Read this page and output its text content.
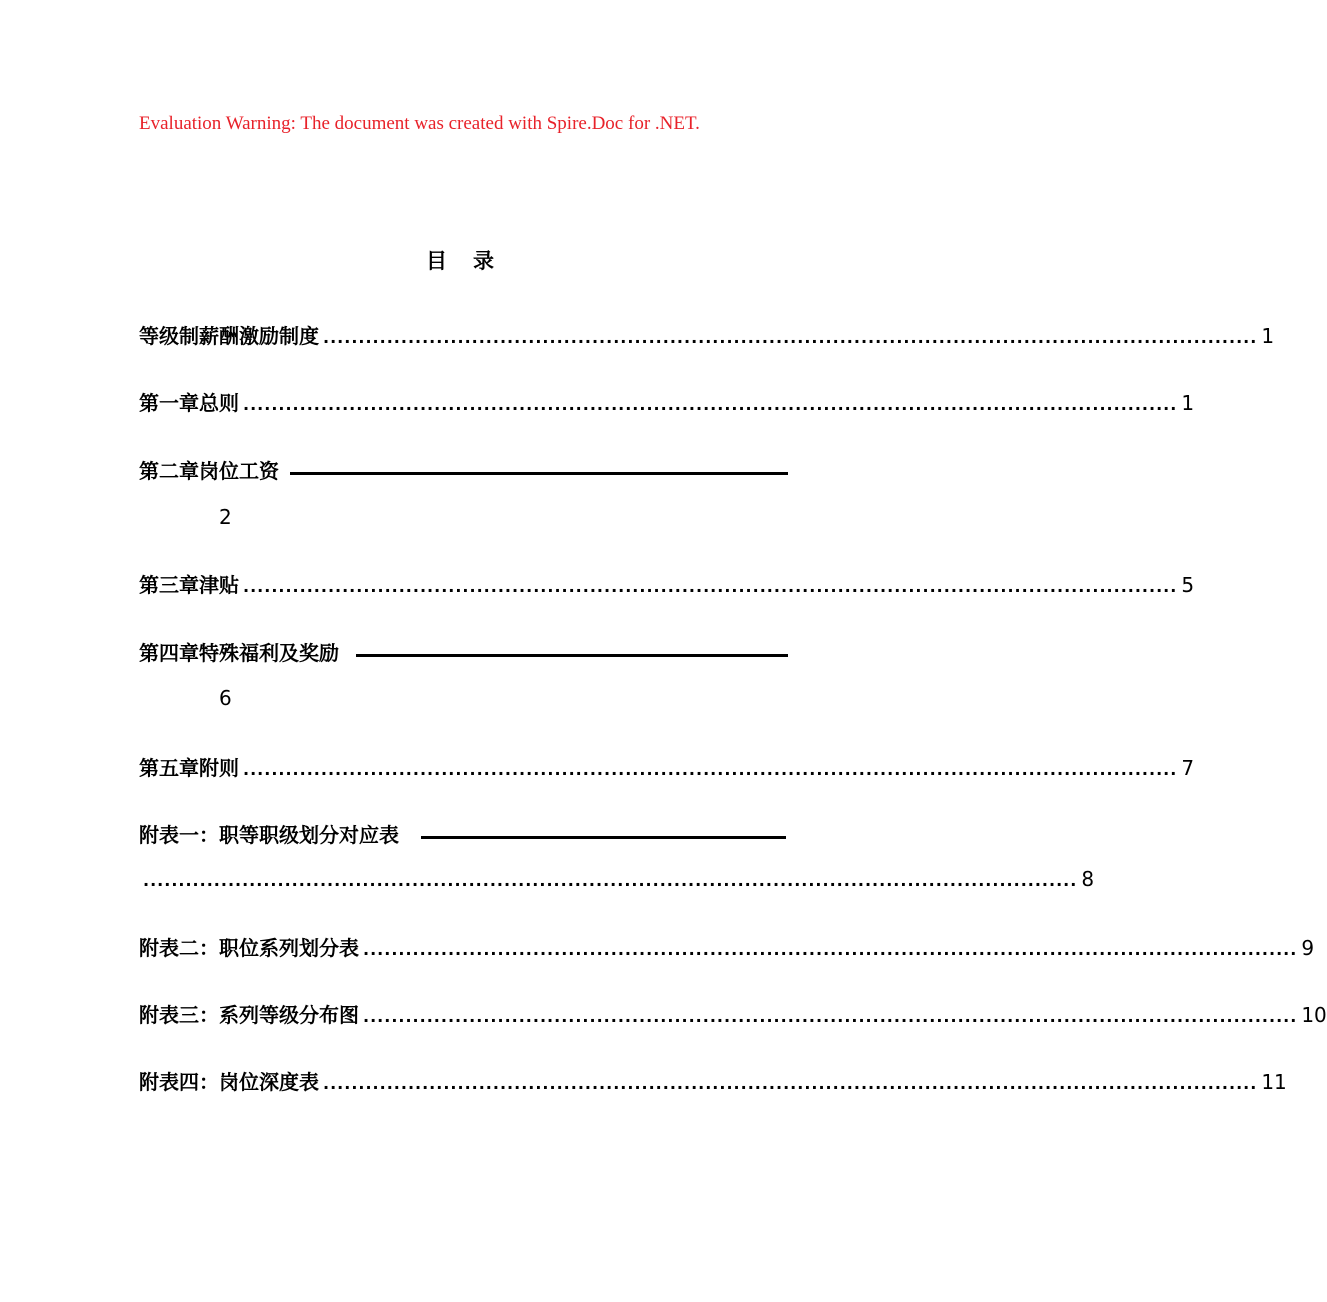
Evaluation Warning: The document was created with Spire.Doc for .NET.
目 录
等级制薪酬激励制度 .................................................................................................................................... 1
第一章总则 .................................................................................................................................... 1
第二章岗位工资
2
第三章津贴 .................................................................................................................................... 5
第四章特殊福利及奖励
6
第五章附则 .................................................................................................................................... 7
附表一：职等职级划分对应表
.................................................................................................................................... 8
附表二：职位系列划分表 .................................................................................................................................... 9
附表三：系列等级分布图 .................................................................................................................................... 10
附表四：岗位深度表 .................................................................................................................................... 11
